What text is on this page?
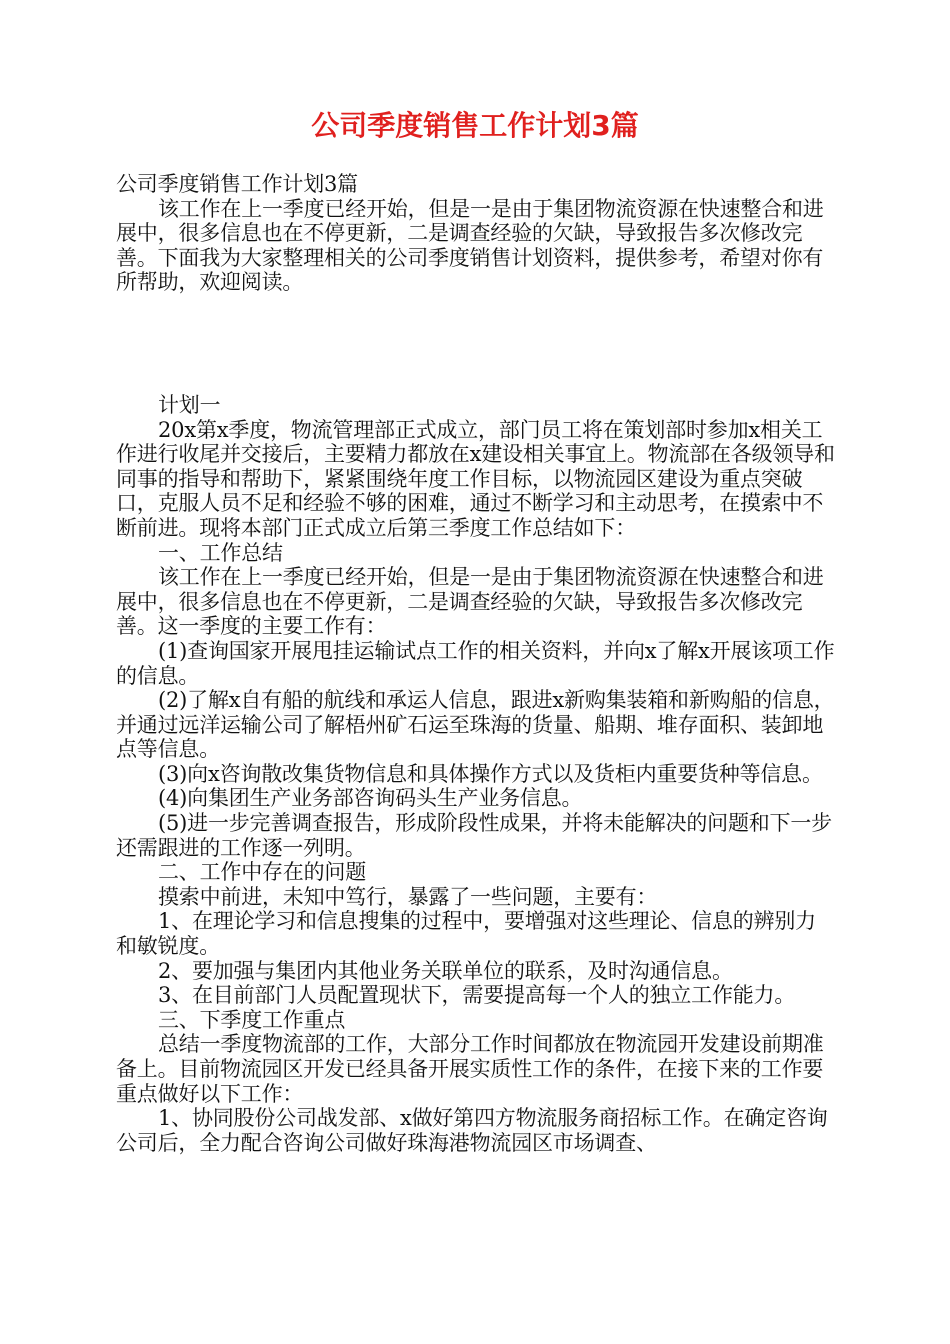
公司季度销售工作计划3篇

公司季度销售工作计划3篇

该工作在上一季度已经开始，但是一是由于集团物流资源在快速整合和进展中，很多信息也在不停更新，二是调查经验的欠缺，导致报告多次修改完善。下面我为大家整理相关的公司季度销售计划资料，提供参考，希望对你有所帮助，欢迎阅读。

计划一

20x第x季度，物流管理部正式成立，部门员工将在策划部时参加x相关工作进行收尾并交接后，主要精力都放在x建设相关事宜上。物流部在各级领导和同事的指导和帮助下，紧紧围绕年度工作目标，以物流园区建设为重点突破口，克服人员不足和经验不够的困难，通过不断学习和主动思考，在摸索中不断前进。现将本部门正式成立后第三季度工作总结如下：

一、工作总结

该工作在上一季度已经开始，但是一是由于集团物流资源在快速整合和进展中，很多信息也在不停更新，二是调查经验的欠缺，导致报告多次修改完善。这一季度的主要工作有：

(1)查询国家开展甩挂运输试点工作的相关资料，并向x了解x开展该项工作的信息。

(2)了解x自有船的航线和承运人信息，跟进x新购集装箱和新购船的信息，并通过远洋运输公司了解梧州矿石运至珠海的货量、船期、堆存面积、装卸地点等信息。

(3)向x咨询散改集货物信息和具体操作方式以及货柜内重要货种等信息。

(4)向集团生产业务部咨询码头生产业务信息。

(5)进一步完善调查报告，形成阶段性成果，并将未能解决的问题和下一步还需跟进的工作逐一列明。

二、工作中存在的问题

摸索中前进，未知中笃行，暴露了一些问题，主要有：

1、在理论学习和信息搜集的过程中，要增强对这些理论、信息的辨别力和敏锐度。

2、要加强与集团内其他业务关联单位的联系，及时沟通信息。

3、在目前部门人员配置现状下，需要提高每一个人的独立工作能力。

三、下季度工作重点

总结一季度物流部的工作，大部分工作时间都放在物流园开发建设前期准备上。目前物流园区开发已经具备开展实质性工作的条件，在接下来的工作要重点做好以下工作：

1、协同股份公司战发部、x做好第四方物流服务商招标工作。在确定咨询公司后，全力配合咨询公司做好珠海港物流园区市场调查、
